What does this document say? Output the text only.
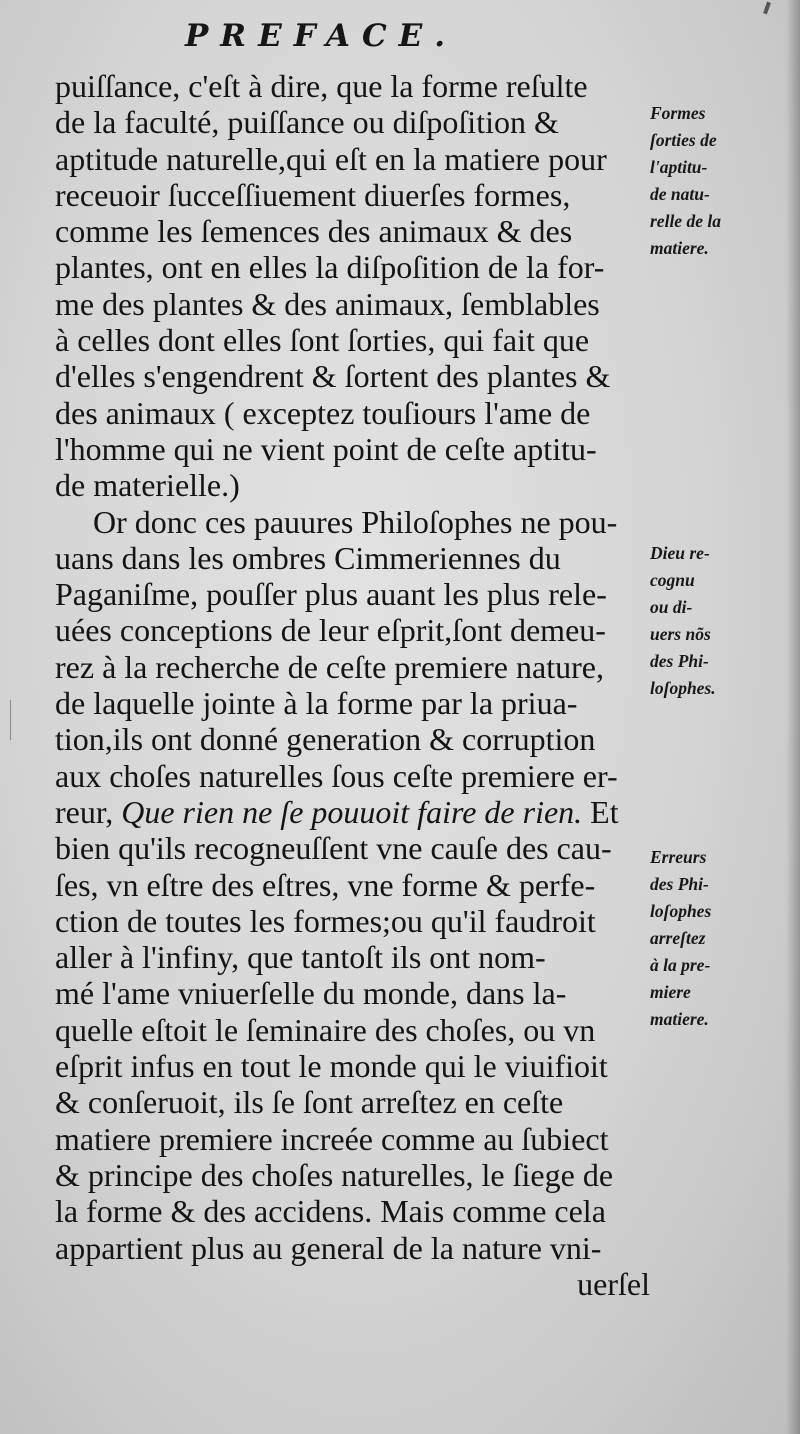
PREFACE.
puiſſance, c'eſt à dire, que la forme reſulte
de la faculté, puiſſance ou diſpoſition &
aptitude naturelle,qui eſt en la matiere pour
receuoir ſucceſſiuement diuerſes formes,
comme les ſemences des animaux & des
plantes, ont en elles la diſpoſition de la for-
me des plantes & des animaux, ſemblables
à celles dont elles ſont ſorties, qui fait que
d'elles s'engendrent & ſortent des plantes &
des animaux ( exceptez touſiours l'ame de
l'homme qui ne vient point de ceſte aptitu-
de materielle.)
Or donc ces pauures Philoſophes ne pou-
uans dans les ombres Cimmeriennes du
Paganiſme, pouſſer plus auant les plus rele-
uées conceptions de leur eſprit,ſont demeu-
rez à la recherche de ceſte premiere nature,
de laquelle jointe à la forme par la priua-
tion,ils ont donné generation & corruption
aux choſes naturelles ſous ceſte premiere er-
reur, Que rien ne ſe pouuoit faire de rien. Et
bien qu'ils recogneuſſent vne cauſe des cau-
ſes, vn eſtre des eſtres, vne forme & perfe-
ction de toutes les formes;ou qu'il faudroit
aller à l'infiny, que tantoſt ils ont nom-
mé l'ame vniuerſelle du monde, dans la-
quelle eſtoit le ſeminaire des choſes, ou vn
eſprit infus en tout le monde qui le viuifioit
& conſeruoit, ils ſe ſont arreſtez en ceſte
matiere premiere increée comme au ſubiect
& principe des choſes naturelles, le ſiege de
la forme & des accidens. Mais comme cela
appartient plus au general de la nature vni-
uerſel
Formes
ſorties de
l'aptitu-
de natu-
relle de la
matiere.
Dieu re-
cognu
ou di-
uers nõs
des Phi-
loſophes.
Erreurs
des Phi-
loſophes
arreſtez
à la pre-
miere
matiere.
